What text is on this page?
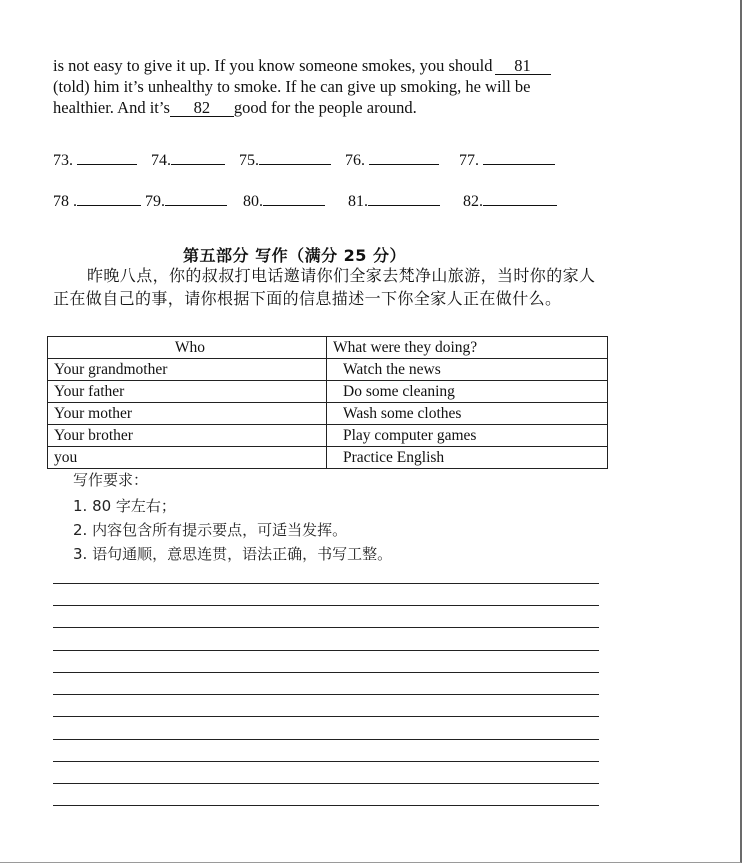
is not easy to give it up. If you know someone smokes, you should 81
(told) him it’s unhealthy to smoke. If he can give up smoking, he will be
healthier. And it’s 82 good for the people around.
73.	74.	75.	76.	77.
78 .	79.	80.	81.	82.
第五部分 写作（满分 25 分）
昨晚八点，你的叔叔打电话邀请你们全家去梵净山旅游，当时你的家人正在做自己的事，请你根据下面的信息描述一下你全家人正在做什么。
Who	What were they doing?
Your grandmother	Watch the news
Your father	Do some cleaning
Your mother	Wash some clothes
Your brother	Play computer games
you	Practice English
写作要求：
1. 80 字左右；
2. 内容包含所有提示要点，可适当发挥。
3. 语句通顺，意思连贯，语法正确，书写工整。
